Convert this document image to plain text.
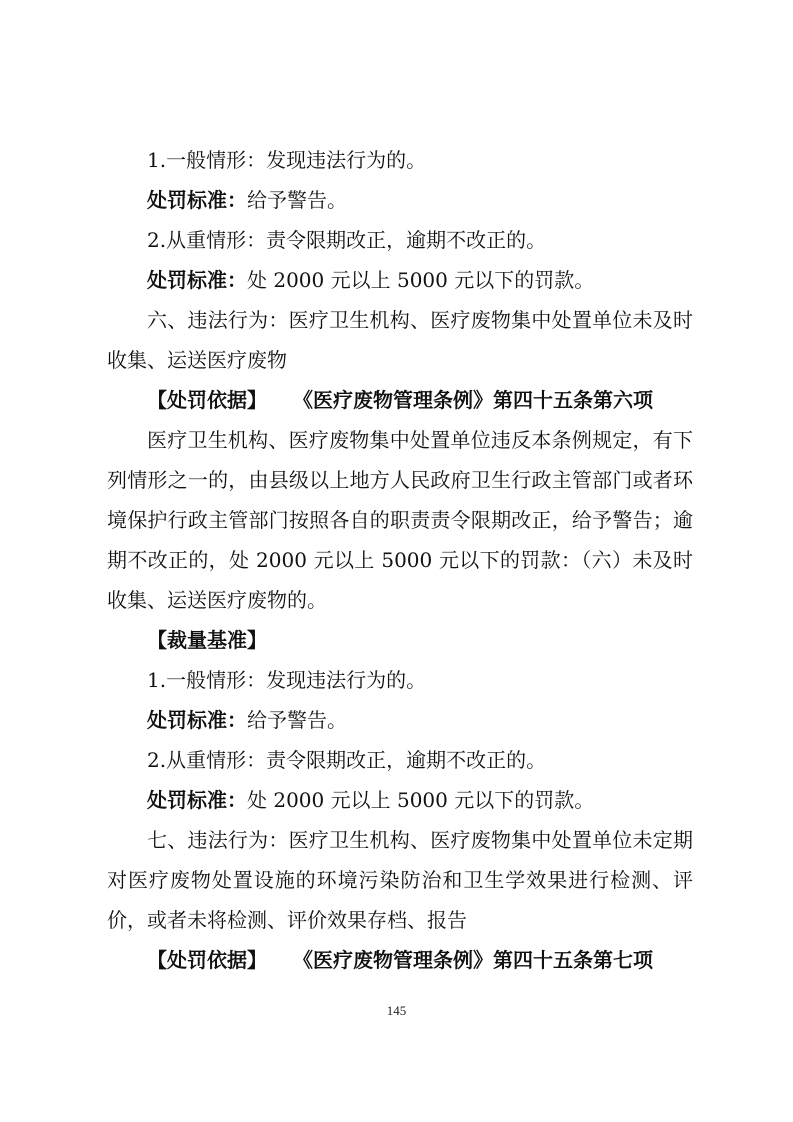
1.一般情形：发现违法行为的。

处罚标准：给予警告。

2.从重情形：责令限期改正，逾期不改正的。

处罚标准：处 2000 元以上 5000 元以下的罚款。

六、违法行为：医疗卫生机构、医疗废物集中处置单位未及时收集、运送医疗废物

【处罚依据】 《医疗废物管理条例》第四十五条第六项

医疗卫生机构、医疗废物集中处置单位违反本条例规定，有下列情形之一的，由县级以上地方人民政府卫生行政主管部门或者环境保护行政主管部门按照各自的职责责令限期改正，给予警告；逾期不改正的，处 2000 元以上 5000 元以下的罚款：（六）未及时收集、运送医疗废物的。

【裁量基准】

1.一般情形：发现违法行为的。

处罚标准：给予警告。

2.从重情形：责令限期改正，逾期不改正的。

处罚标准：处 2000 元以上 5000 元以下的罚款。

七、违法行为：医疗卫生机构、医疗废物集中处置单位未定期对医疗废物处置设施的环境污染防治和卫生学效果进行检测、评价，或者未将检测、评价效果存档、报告

【处罚依据】 《医疗废物管理条例》第四十五条第七项

145
